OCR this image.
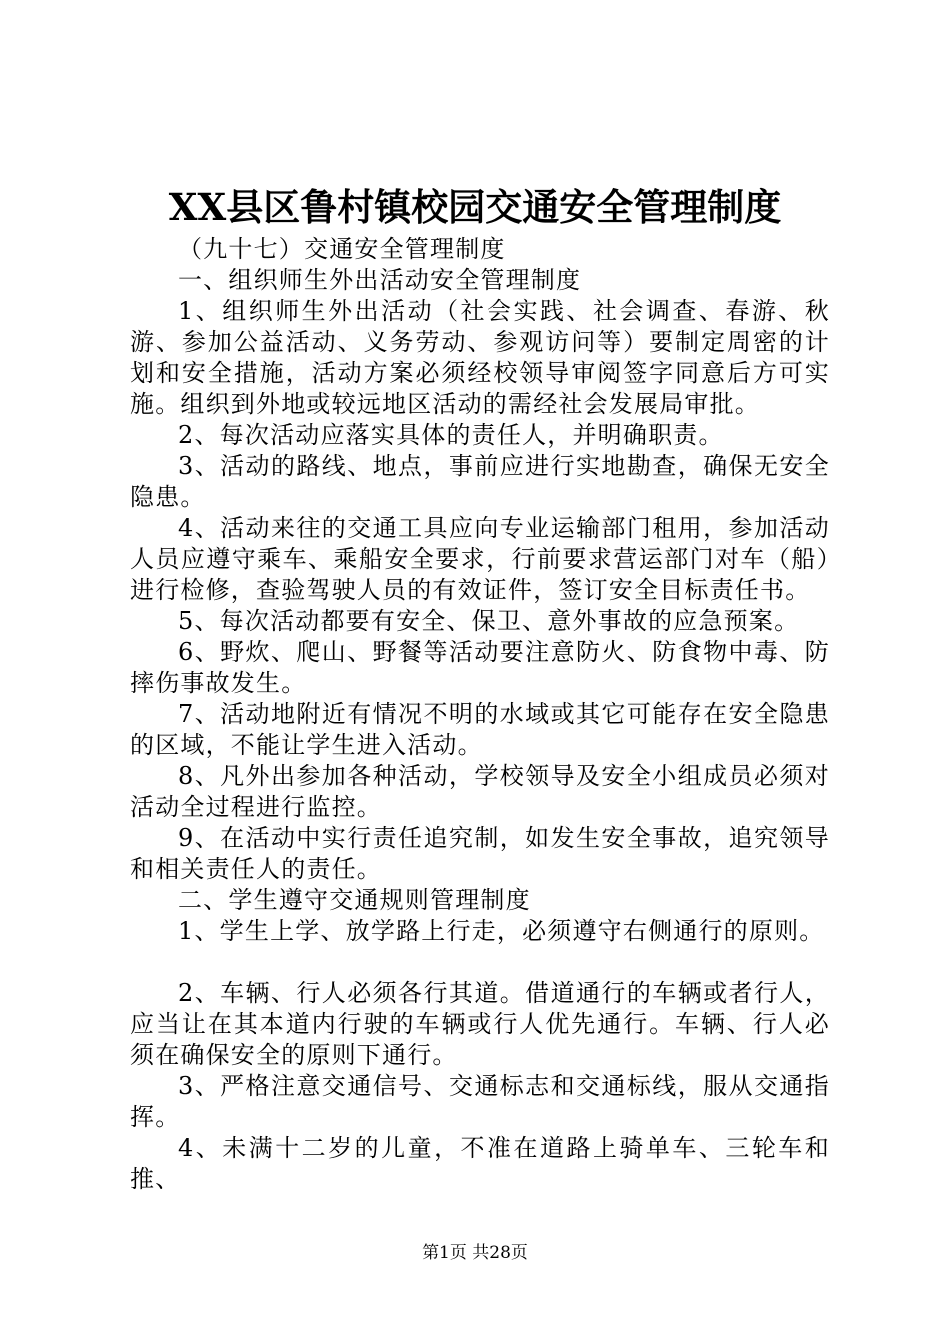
XX县区鲁村镇校园交通安全管理制度

（九十七）交通安全管理制度

一、组织师生外出活动安全管理制度

1、组织师生外出活动（社会实践、社会调查、春游、秋游、参加公益活动、义务劳动、参观访问等）要制定周密的计划和安全措施，活动方案必须经校领导审阅签字同意后方可实施。组织到外地或较远地区活动的需经社会发展局审批。

2、每次活动应落实具体的责任人，并明确职责。

3、活动的路线、地点，事前应进行实地勘查，确保无安全隐患。

4、活动来往的交通工具应向专业运输部门租用，参加活动人员应遵守乘车、乘船安全要求，行前要求营运部门对车（船）进行检修，查验驾驶人员的有效证件，签订安全目标责任书。

5、每次活动都要有安全、保卫、意外事故的应急预案。

6、野炊、爬山、野餐等活动要注意防火、防食物中毒、防摔伤事故发生。

7、活动地附近有情况不明的水域或其它可能存在安全隐患的区域，不能让学生进入活动。

8、凡外出参加各种活动，学校领导及安全小组成员必须对活动全过程进行监控。

9、在活动中实行责任追究制，如发生安全事故，追究领导和相关责任人的责任。

二、学生遵守交通规则管理制度

1、学生上学、放学路上行走，必须遵守右侧通行的原则。

2、车辆、行人必须各行其道。借道通行的车辆或者行人，应当让在其本道内行驶的车辆或行人优先通行。车辆、行人必须在确保安全的原则下通行。

3、严格注意交通信号、交通标志和交通标线，服从交通指挥。

4、未满十二岁的儿童，不准在道路上骑单车、三轮车和推、

第1页 共28页
